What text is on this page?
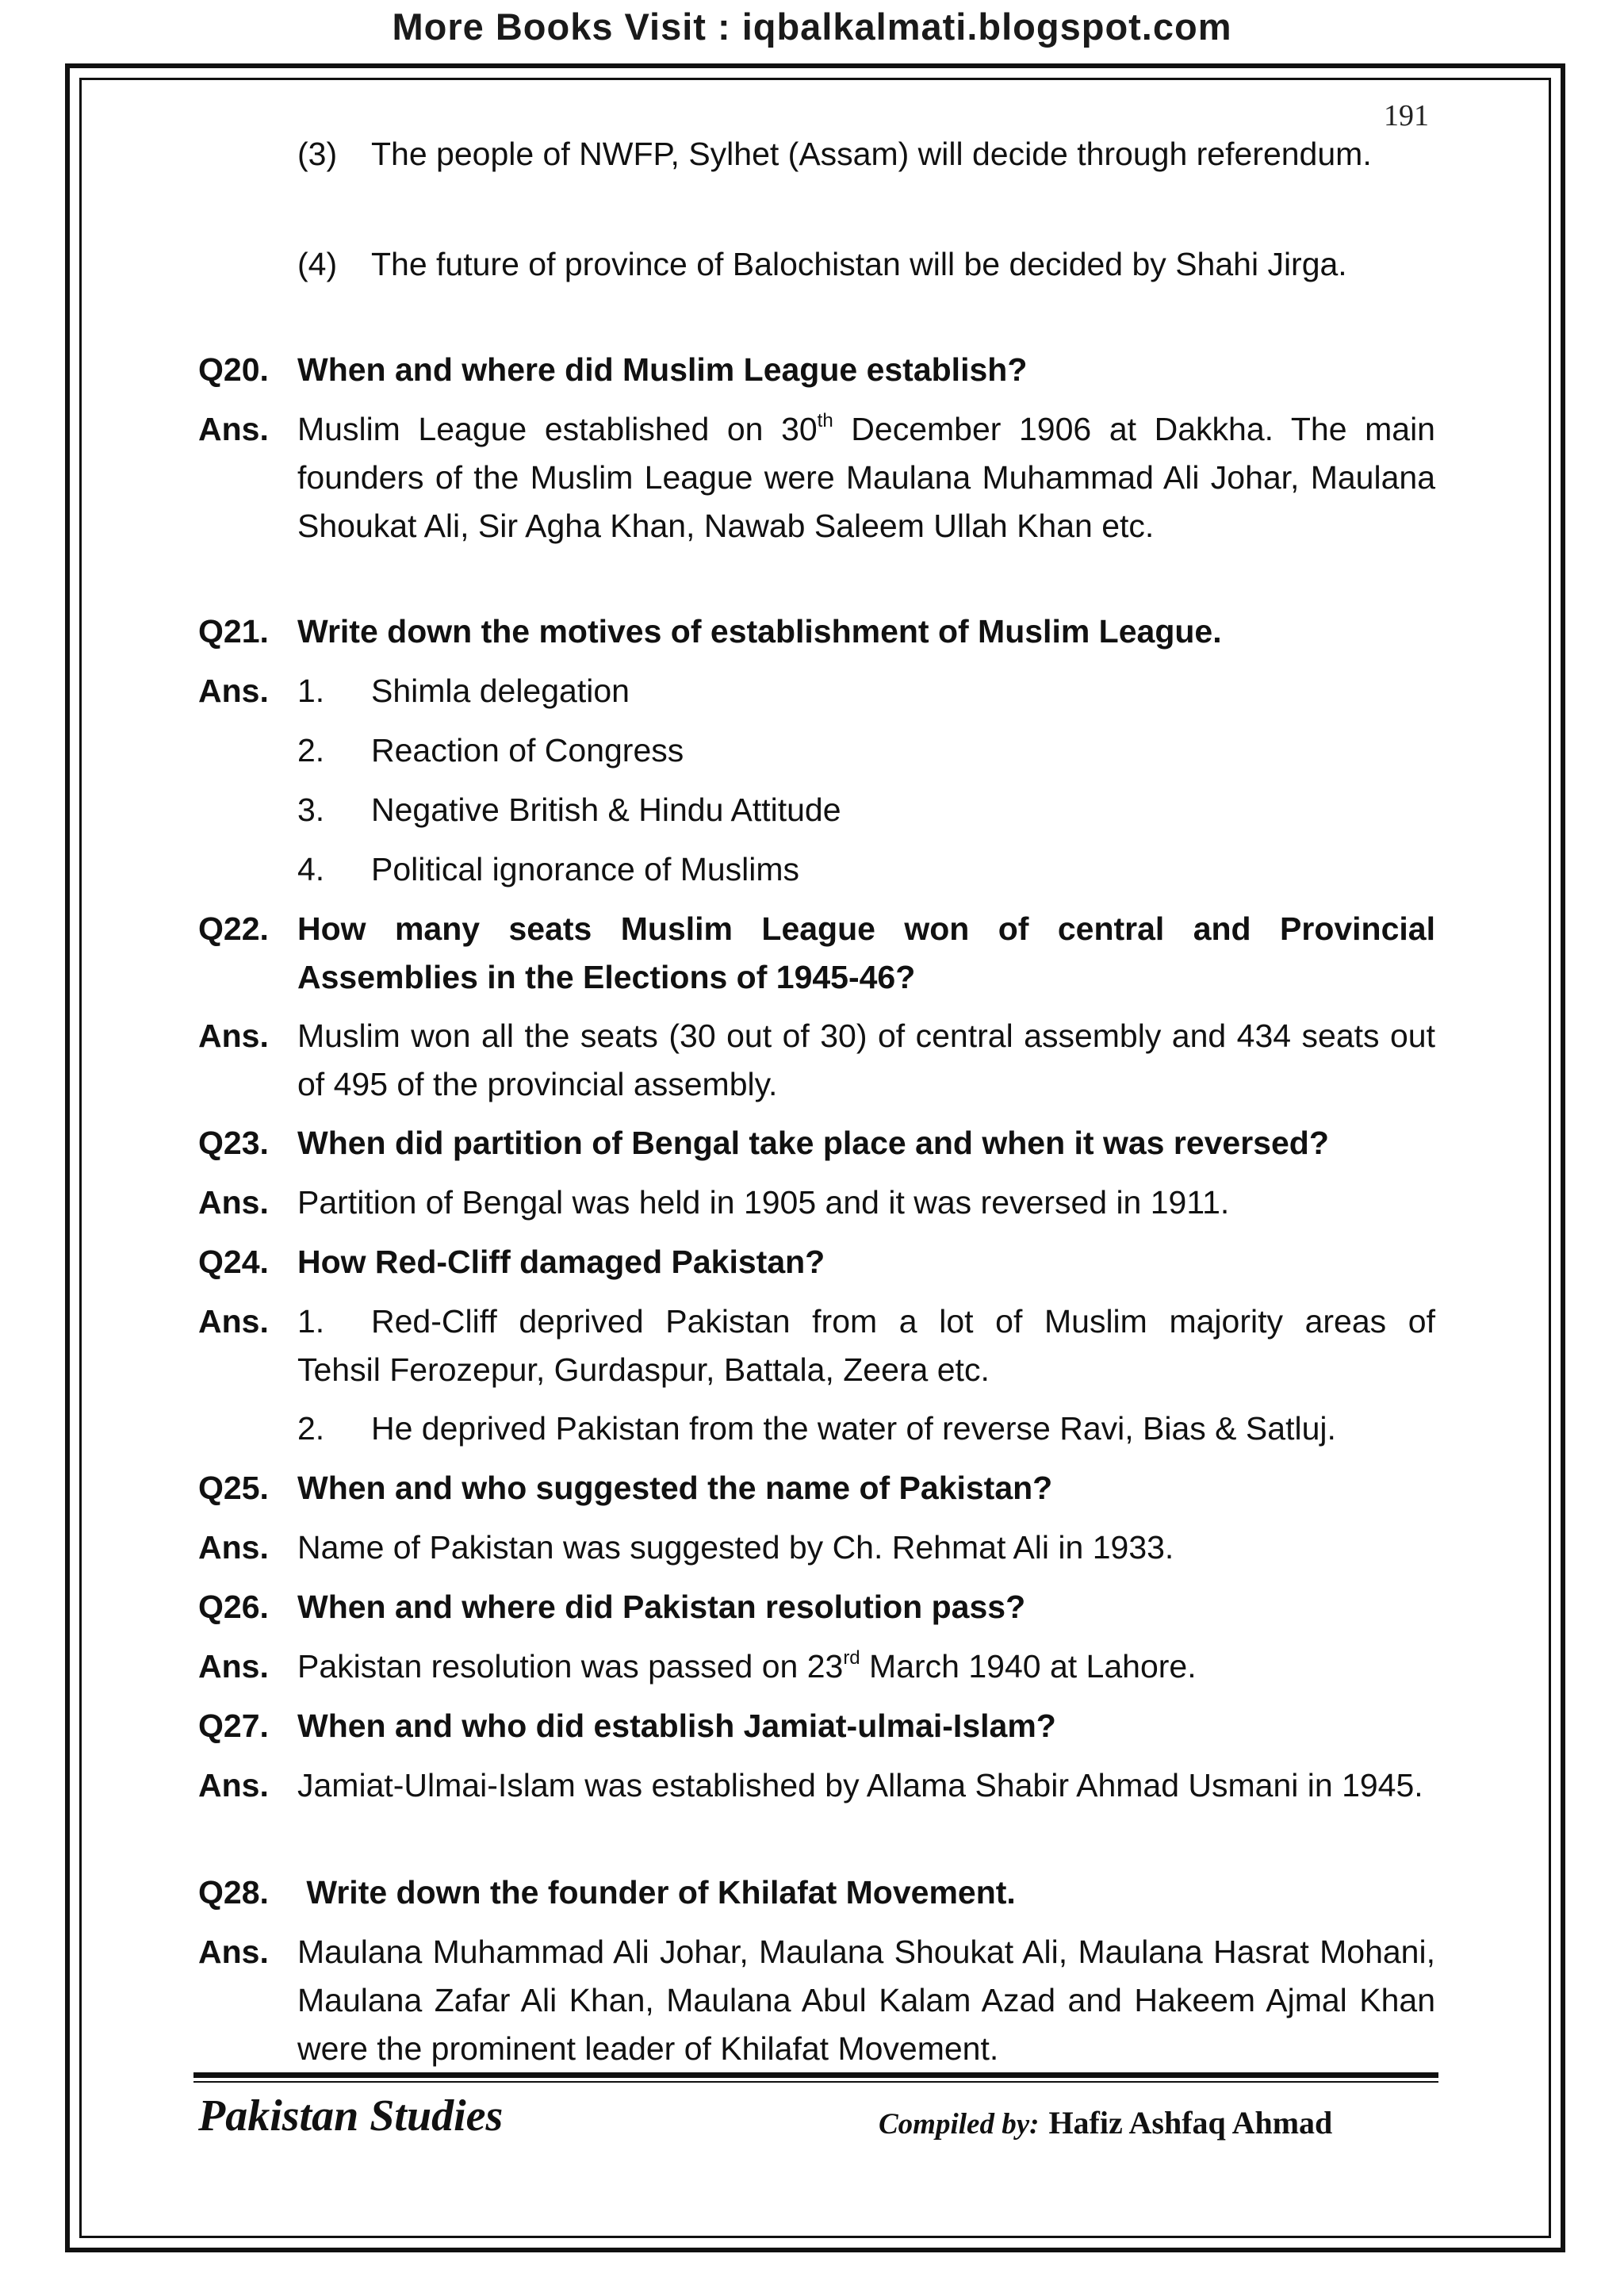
More Books Visit : iqbalkalmati.blogspot.com
191
(3)	The people of NWFP, Sylhet (Assam) will decide through referendum.
(4)	The future of province of Balochistan will be decided by Shahi Jirga.
Q20. When and where did Muslim League establish?
Ans. Muslim League established on 30th December 1906 at Dakkha. The main founders of the Muslim League were Maulana Muhammad Ali Johar, Maulana Shoukat Ali, Sir Agha Khan, Nawab Saleem Ullah Khan etc.
Q21. Write down the motives of establishment of Muslim League.
Ans. 1.	Shimla delegation
2.	Reaction of Congress
3.	Negative British & Hindu Attitude
4.	Political ignorance of Muslims
Q22. How many seats Muslim League won of central and Provincial Assemblies in the Elections of 1945-46?
Ans. Muslim won all the seats (30 out of 30) of central assembly and 434 seats out of 495 of the provincial assembly.
Q23. When did partition of Bengal take place and when it was reversed?
Ans. Partition of Bengal was held in 1905 and it was reversed in 1911.
Q24. How Red-Cliff damaged Pakistan?
Ans. 1.	Red-Cliff deprived Pakistan from a lot of Muslim majority areas of
Tehsil Ferozepur, Gurdaspur, Battala, Zeera etc.
2.	He deprived Pakistan from the water of reverse Ravi, Bias & Satluj.
Q25. When and who suggested the name of Pakistan?
Ans. Name of Pakistan was suggested by Ch. Rehmat Ali in 1933.
Q26. When and where did Pakistan resolution pass?
Ans. Pakistan resolution was passed on 23rd March 1940 at Lahore.
Q27. When and who did establish Jamiat-ulmai-Islam?
Ans. Jamiat-Ulmai-Islam was established by Allama Shabir Ahmad Usmani in 1945.
Q28. Write down the founder of Khilafat Movement.
Ans. Maulana Muhammad Ali Johar, Maulana Shoukat Ali, Maulana Hasrat Mohani, Maulana Zafar Ali Khan, Maulana Abul Kalam Azad and Hakeem Ajmal Khan were the prominent leader of Khilafat Movement.
Pakistan Studies	Compiled by: Hafiz Ashfaq Ahmad
